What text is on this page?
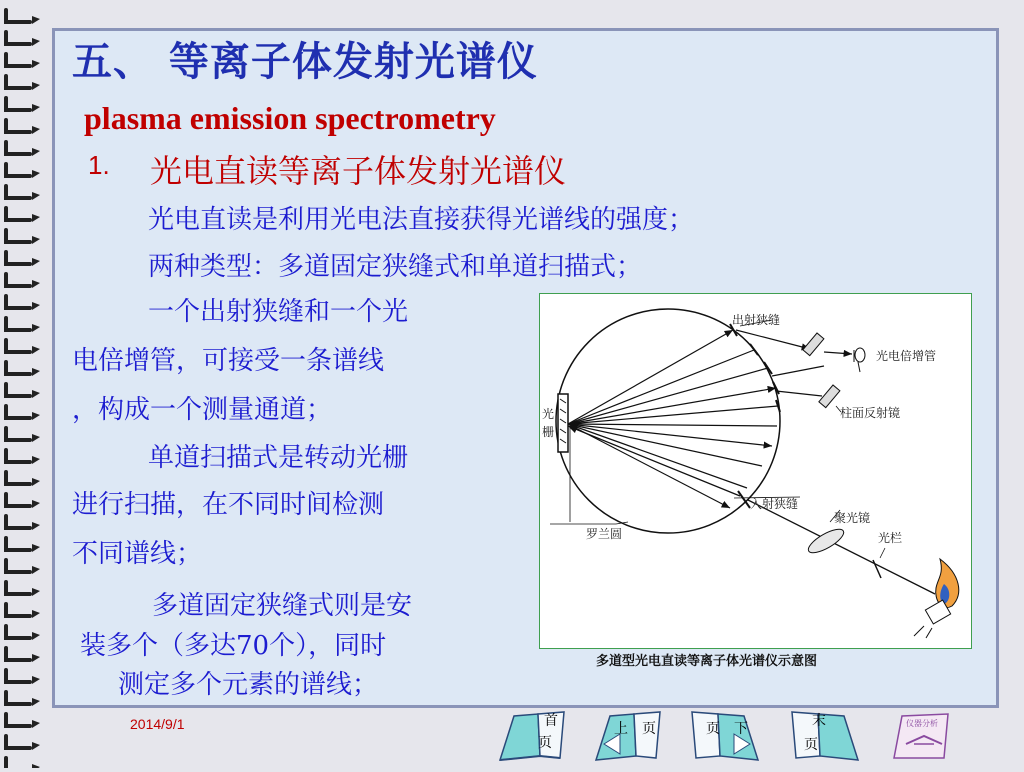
五、 等离子体发射光谱仪
plasma emission spectrometry
1. 光电直读等离子体发射光谱仪
光电直读是利用光电法直接获得光谱线的强度；
两种类型：多道固定狭缝式和单道扫描式；
一个出射狭缝和一个光
电倍增管，可接受一条谱线
，构成一个测量通道；
单道扫描式是转动光栅
进行扫描，在不同时间检测
不同谱线；
多道固定狭缝式则是安
装多个（多达70个），同时
测定多个元素的谱线；
出射狭缝
光电倍增管
柱面反射镜
光
栅
入射狭缝
罗兰圆
聚光镜
光栏
多道型光电直读等离子体光谱仪示意图
2014/9/1	首
页
上 页	页 下	末
页
仪器分析
